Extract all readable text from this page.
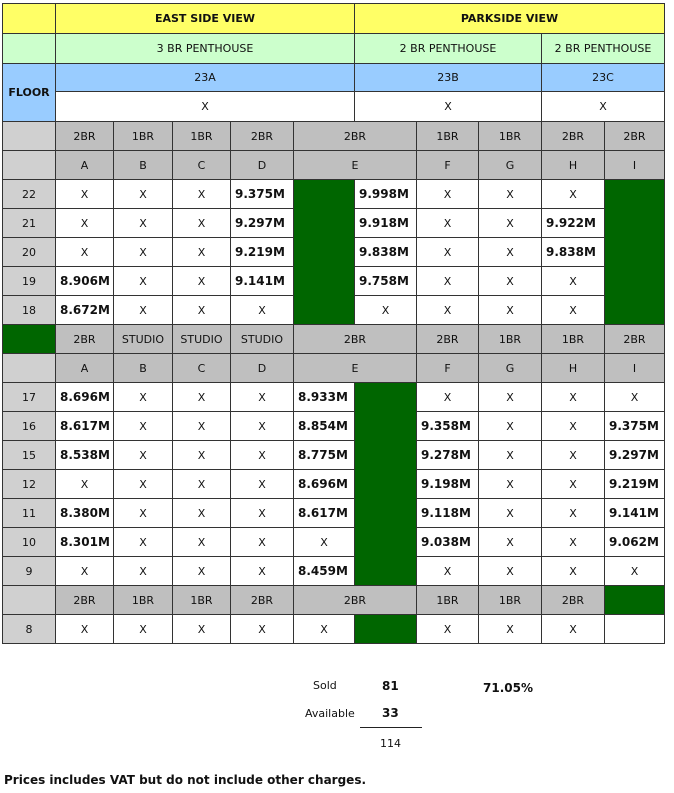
	EAST SIDE VIEW					PARKSIDE VIEW				
	3 BR PENTHOUSE					2 BR PENTHOUSE			2 BR PENTHOUSE	
FLOOR	23A					23B			23C	
	X					X			X	
	2BR	1BR	1BR	2BR	2BR		1BR	1BR	2BR	2BR
	A	B	C	D	E		F	G	H	I
22	X	X	X	9.375M		9.998M	X	X	X	
21	X	X	X	9.297M		9.918M	X	X	9.922M	
20	X	X	X	9.219M		9.838M	X	X	9.838M	
19	8.906M	X	X	9.141M		9.758M	X	X	X	
18	8.672M	X	X	X		X	X	X	X	
	2BR	STUDIO	STUDIO	STUDIO	2BR		2BR	1BR	1BR	2BR
	A	B	C	D	E		F	G	H	I
17	8.696M	X	X	X	8.933M		X	X	X	X
16	8.617M	X	X	X	8.854M		9.358M	X	X	9.375M
15	8.538M	X	X	X	8.775M		9.278M	X	X	9.297M
12	X	X	X	X	8.696M		9.198M	X	X	9.219M
11	8.380M	X	X	X	8.617M		9.118M	X	X	9.141M
10	8.301M	X	X	X	X		9.038M	X	X	9.062M
9	X	X	X	X	8.459M		X	X	X	X
	2BR	1BR	1BR	2BR	2BR		1BR	1BR	2BR	
8	X	X	X	X	X		X	X	X	
Sold	81	71.05%
Available 33
114
Prices includes VAT but do not include other charges.
